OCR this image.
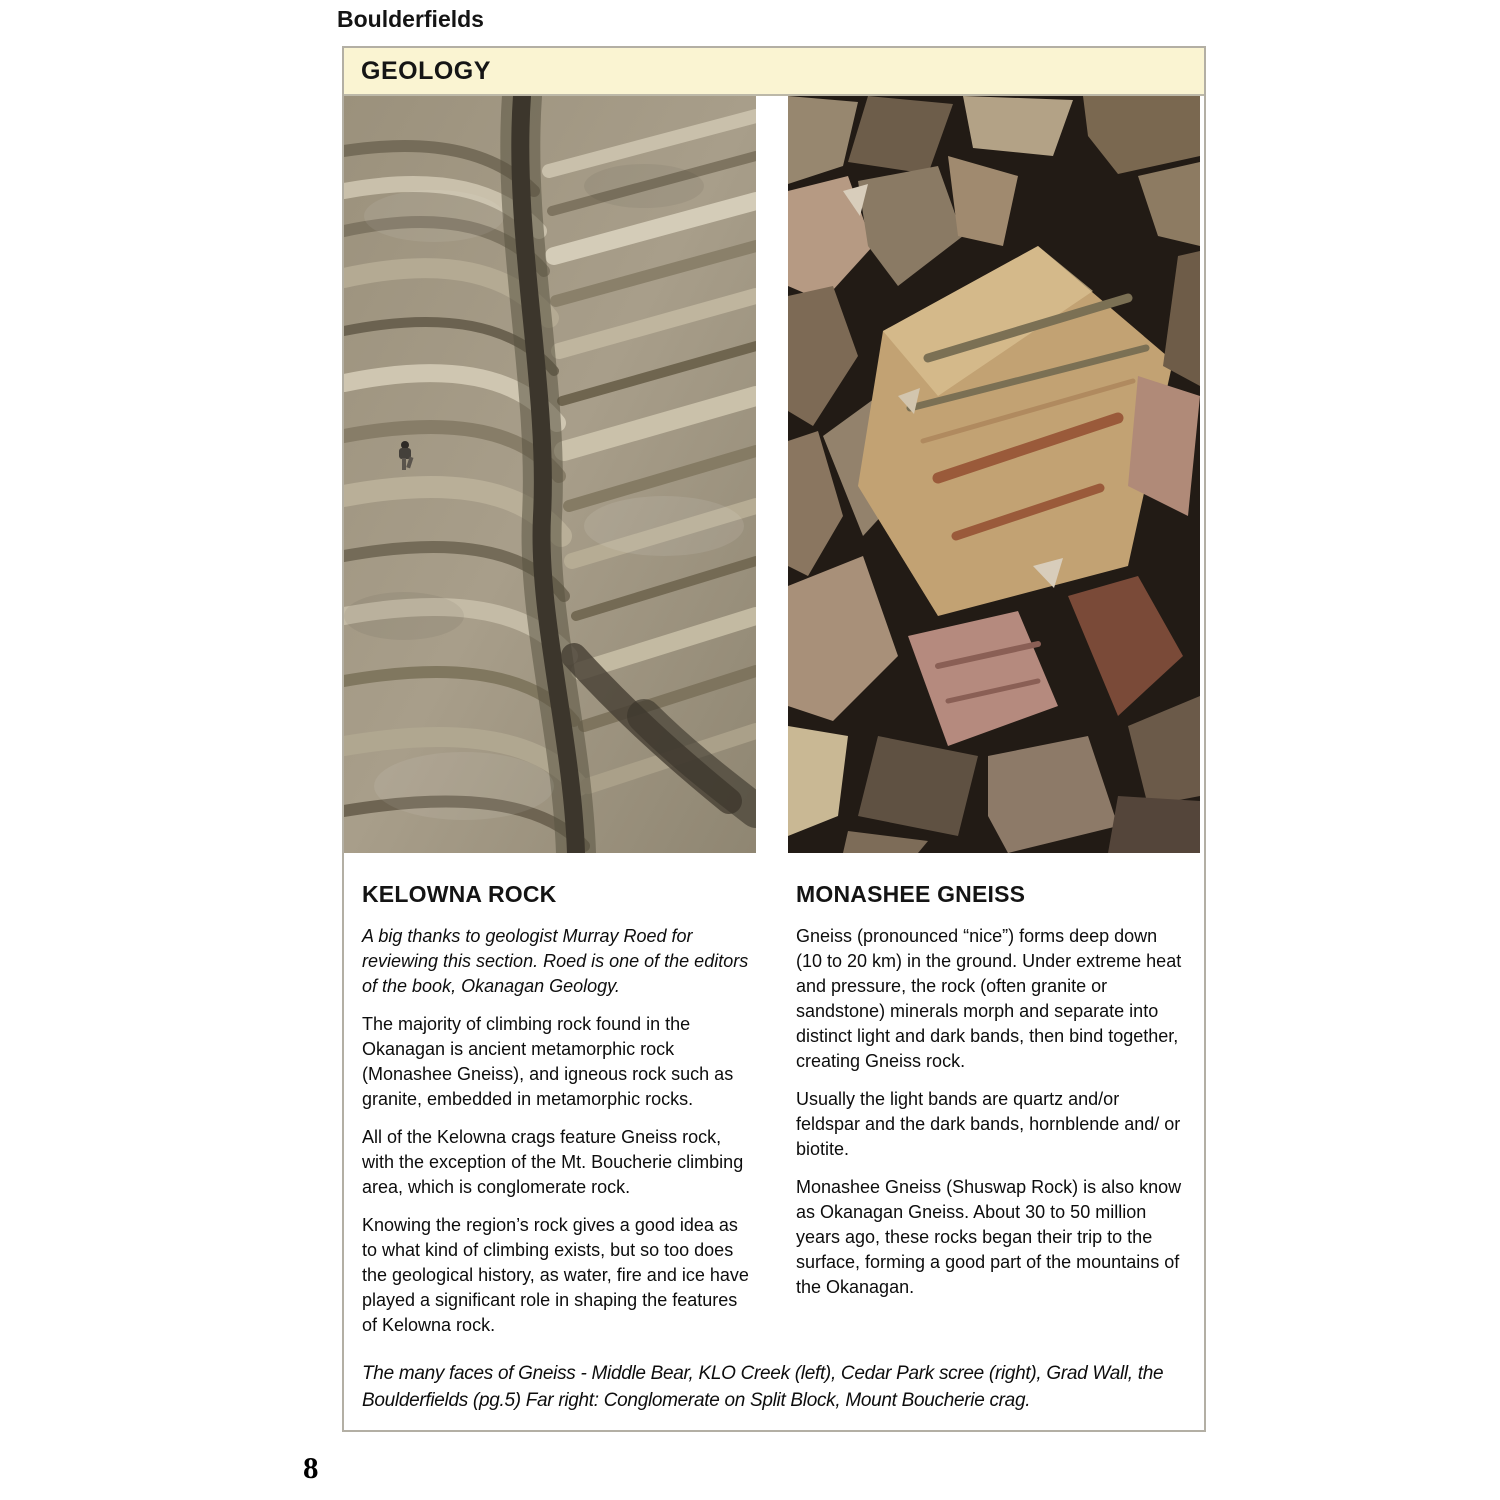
Boulderfields
GEOLOGY
KELOWNA ROCK

A big thanks to geologist Murray Roed for reviewing this section. Roed is one of the editors of the book, Okanagan Geology.

The majority of climbing rock found in the Okanagan is ancient metamorphic rock (Monashee Gneiss), and igneous rock such as granite, embedded in metamorphic rocks.

All of the Kelowna crags feature Gneiss rock, with the exception of the Mt. Boucherie climbing area, which is conglomerate rock.

Knowing the region’s rock gives a good idea as to what kind of climbing exists, but so too does the geological history, as water, fire and ice have played a significant role in shaping the features of Kelowna rock.

MONASHEE GNEISS

Gneiss (pronounced “nice”) forms deep down (10 to 20 km) in the ground. Under extreme heat and pressure, the rock (often granite or sandstone) minerals morph and separate into distinct light and dark bands, then bind together, creating Gneiss rock.

Usually the light bands are quartz and/or feldspar and the dark bands, hornblende and/ or biotite.

Monashee Gneiss (Shuswap Rock) is also know as Okanagan Gneiss. About 30 to 50 million years ago, these rocks began their trip to the surface, forming a good part of the mountains of the Okanagan.

The many faces of Gneiss - Middle Bear, KLO Creek (left), Cedar Park scree (right), Grad Wall, the Boulderfields (pg.5) Far right: Conglomerate on Split Block, Mount Boucherie crag.
8
